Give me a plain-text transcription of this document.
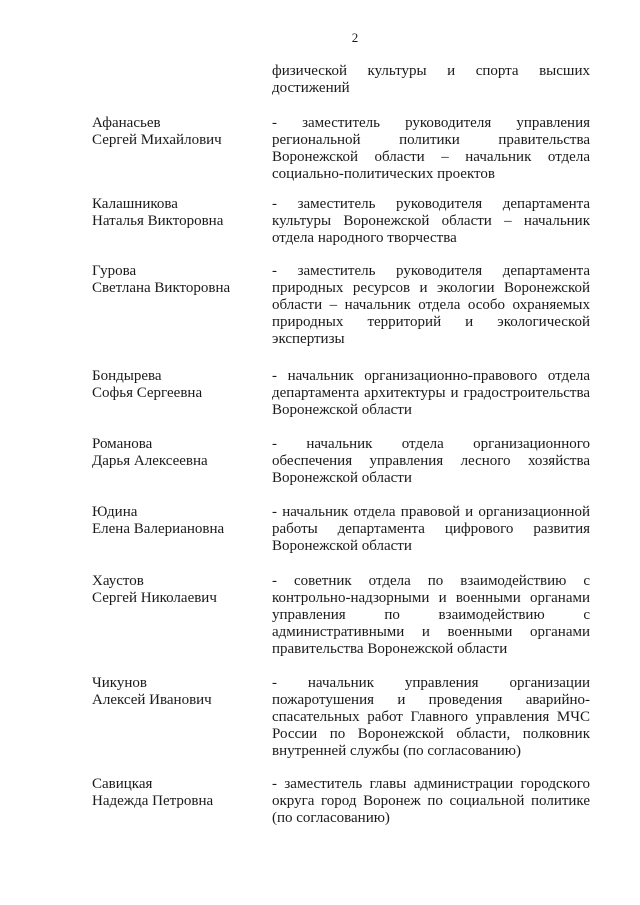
2
физической культуры и спорта высших достижений
Афанасьев
Сергей Михайлович
- заместитель руководителя управления региональной политики правительства Воронежской области – начальник отдела социально-политических проектов
Калашникова
Наталья Викторовна
- заместитель руководителя департамента культуры Воронежской области – начальник отдела народного творчества
Гурова
Светлана Викторовна
- заместитель руководителя департамента природных ресурсов и экологии Воронежской области – начальник отдела особо охраняемых природных территорий и экологической экспертизы
Бондырева
Софья Сергеевна
- начальник организационно-правового отдела департамента архитектуры и градостроительства Воронежской области
Романова
Дарья Алексеевна
- начальник отдела организационного обеспечения управления лесного хозяйства Воронежской области
Юдина
Елена Валериановна
- начальник отдела правовой и организационной работы департамента цифрового развития Воронежской области
Хаустов
Сергей Николаевич
- советник отдела по взаимодействию с контрольно-надзорными и военными органами управления по взаимодействию с административными и военными органами правительства Воронежской области
Чикунов
Алексей Иванович
- начальник управления организации пожаротушения и проведения аварийно-спасательных работ Главного управления МЧС России по Воронежской области, полковник внутренней службы (по согласованию)
Савицкая
Надежда Петровна
- заместитель главы администрации городского округа город Воронеж по социальной политике (по согласованию)
